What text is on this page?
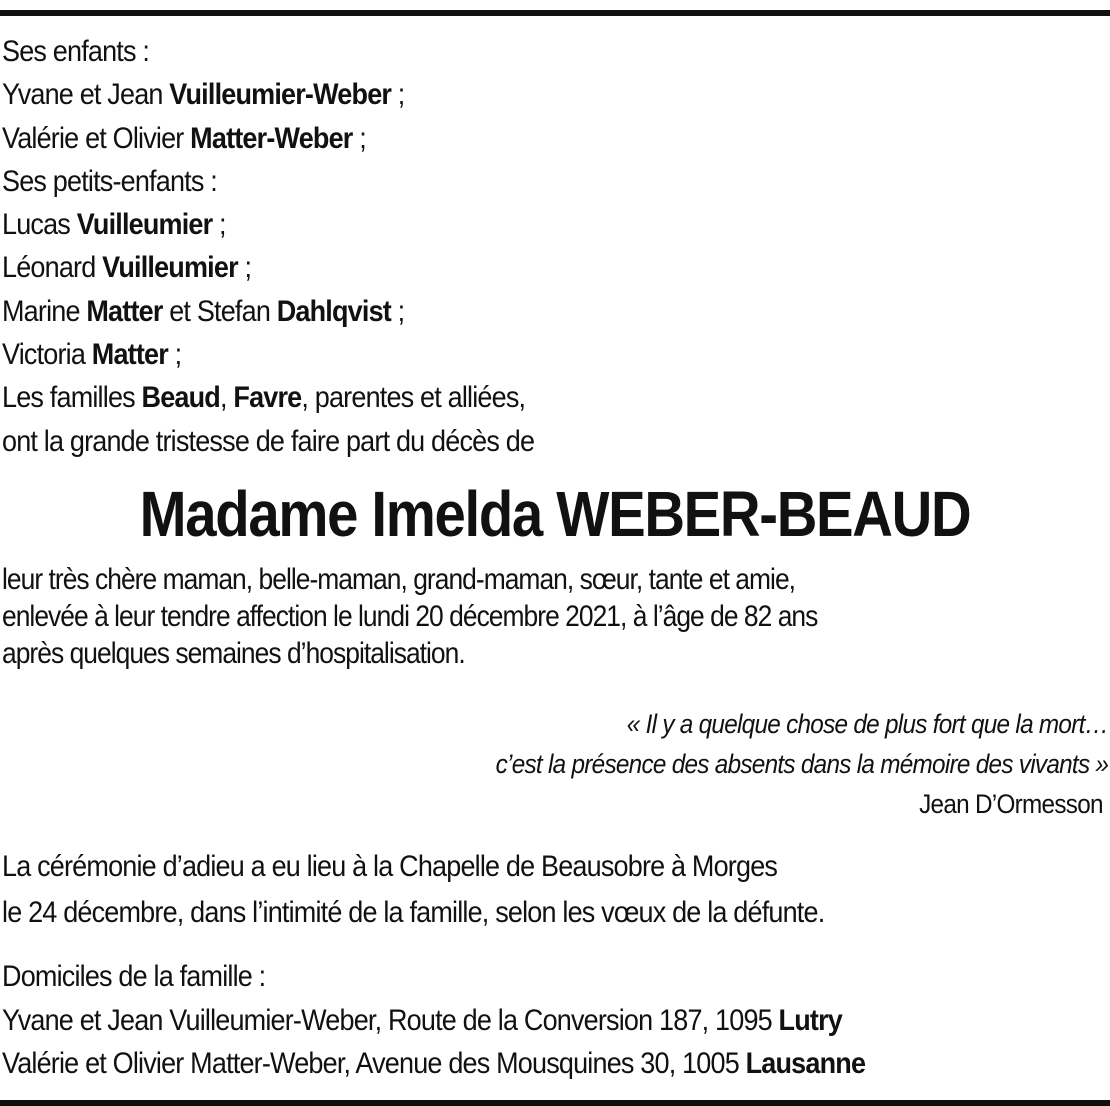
Ses enfants :
Yvane et Jean Vuilleumier-Weber ;
Valérie et Olivier Matter-Weber ;
Ses petits-enfants :
Lucas Vuilleumier ;
Léonard Vuilleumier ;
Marine Matter et Stefan Dahlqvist ;
Victoria Matter ;
Les familles Beaud, Favre, parentes et alliées,
ont la grande tristesse de faire part du décès de
Madame Imelda WEBER-BEAUD
leur très chère maman, belle-maman, grand-maman, sœur, tante et amie,
enlevée à leur tendre affection le lundi 20 décembre 2021, à l’âge de 82 ans
après quelques semaines d’hospitalisation.
« Il y a quelque chose de plus fort que la mort…
c’est la présence des absents dans la mémoire des vivants »
Jean D’Ormesson
La cérémonie d’adieu a eu lieu à la Chapelle de Beausobre à Morges
le 24 décembre, dans l’intimité de la famille, selon les vœux de la défunte.
Domiciles de la famille :
Yvane et Jean Vuilleumier-Weber, Route de la Conversion 187, 1095 Lutry
Valérie et Olivier Matter-Weber, Avenue des Mousquines 30, 1005 Lausanne
